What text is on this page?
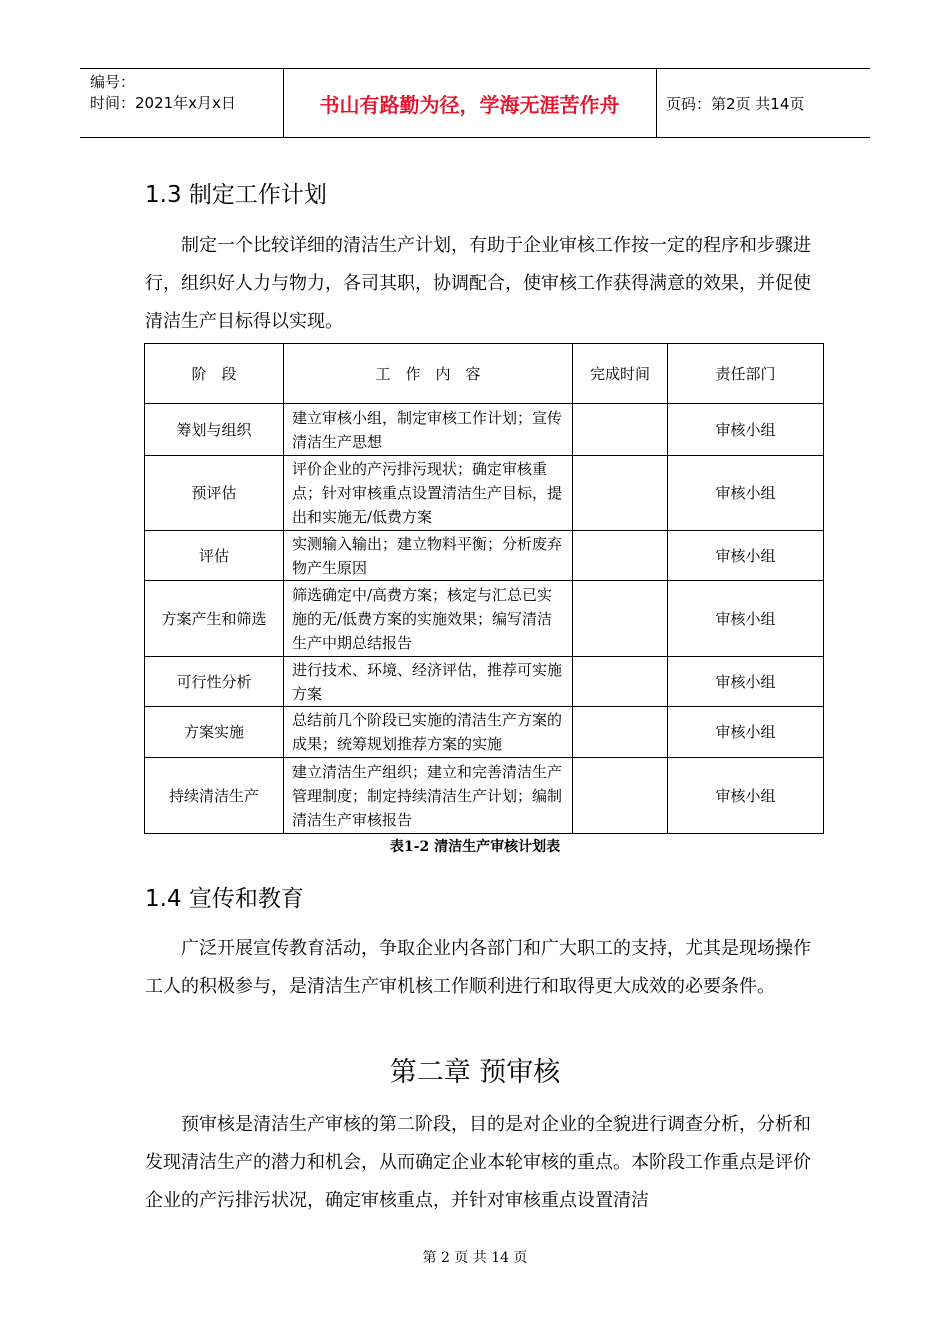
编号：
时间：2021年x月x日	书山有路勤为径，学海无涯苦作舟	页码：第2页 共14页
1.3 制定工作计划

制定一个比较详细的清洁生产计划，有助于企业审核工作按一定的程序和步骤进行，组织好人力与物力，各司其职，协调配合，使审核工作获得满意的效果，并促使清洁生产目标得以实现。

阶　段	工　作　内　容	完成时间	责任部门
筹划与组织	建立审核小组，制定审核工作计划；宣传清洁生产思想		审核小组
预评估	评价企业的产污排污现状；确定审核重点；针对审核重点设置清洁生产目标，提出和实施无/低费方案		审核小组
评估	实测输入输出；建立物料平衡；分析废弃物产生原因		审核小组
方案产生和筛选	筛选确定中/高费方案；核定与汇总已实施的无/低费方案的实施效果；编写清洁生产中期总结报告		审核小组
可行性分析	进行技术、环境、经济评估，推荐可实施方案		审核小组
方案实施	总结前几个阶段已实施的清洁生产方案的成果；统筹规划推荐方案的实施		审核小组
持续清洁生产	建立清洁生产组织；建立和完善清洁生产管理制度；制定持续清洁生产计划；编制清洁生产审核报告		审核小组
表1-2 清洁生产审核计划表
1.4 宣传和教育

广泛开展宣传教育活动，争取企业内各部门和广大职工的支持，尤其是现场操作工人的积极参与，是清洁生产审机核工作顺利进行和取得更大成效的必要条件。

第二章 预审核

预审核是清洁生产审核的第二阶段，目的是对企业的全貌进行调查分析，分析和发现清洁生产的潜力和机会，从而确定企业本轮审核的重点。本阶段工作重点是评价企业的产污排污状况，确定审核重点，并针对审核重点设置清洁

第 2 页 共 14 页
